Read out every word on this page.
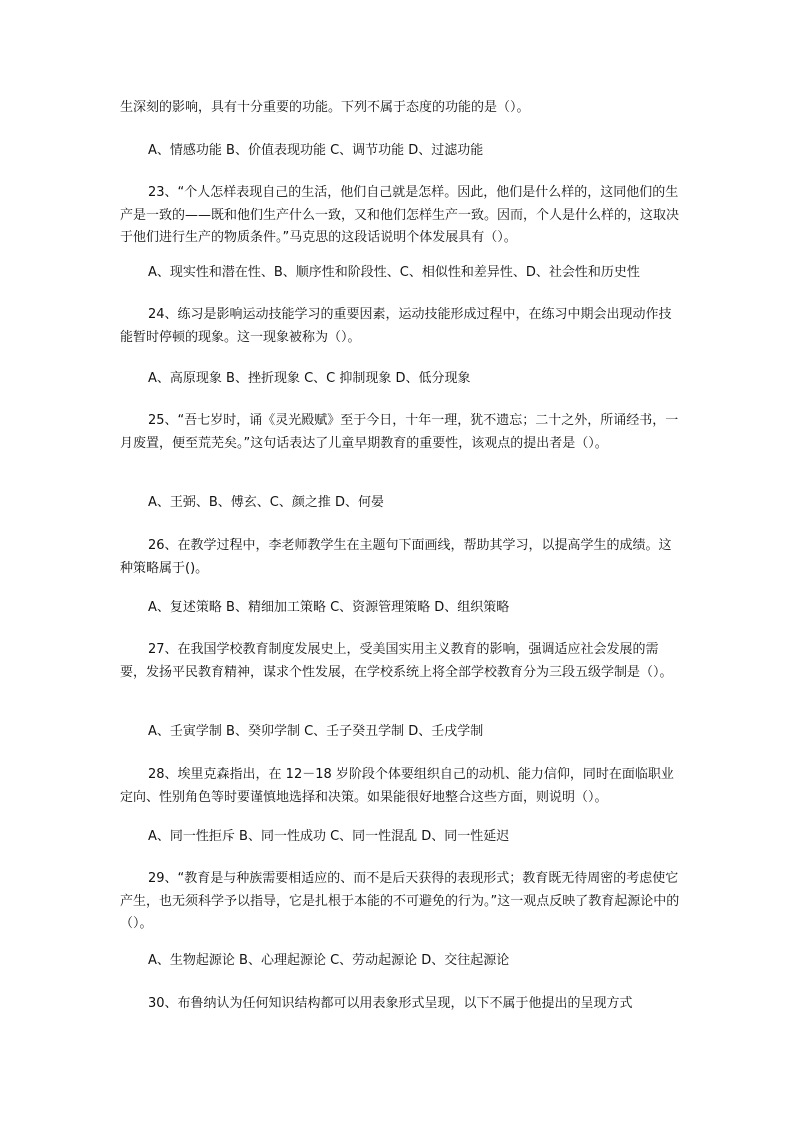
生深刻的影响，具有十分重要的功能。下列不属于态度的功能的是（）。

A、情感功能 B、价值表现功能 C、调节功能 D、过滤功能

23、“个人怎样表现自己的生活，他们自己就是怎样。因此，他们是什么样的，这同他们的生产是一致的——既和他们生产什么一致，又和他们怎样生产一致。因而，个人是什么样的，这取决于他们进行生产的物质条件。”马克思的这段话说明个体发展具有（）。

A、现实性和潜在性、B、顺序性和阶段性、C、相似性和差异性、D、社会性和历史性

24、练习是影响运动技能学习的重要因素，运动技能形成过程中，在练习中期会出现动作技能暂时停顿的现象。这一现象被称为（）。

A、高原现象 B、挫折现象 C、C 抑制现象 D、低分现象

25、“吾七岁时，诵《灵光殿赋》至于今日，十年一理，犹不遗忘；二十之外，所诵经书，一月废置，便至荒芜矣。”这句话表达了儿童早期教育的重要性，该观点的提出者是（）。

A、王弼、B、傅玄、C、颜之推 D、何晏

26、在教学过程中，李老师教学生在主题句下面画线，帮助其学习，以提高学生的成绩。这种策略属于()。

A、复述策略 B、精细加工策略 C、资源管理策略 D、组织策略

27、在我国学校教育制度发展史上，受美国实用主义教育的影响，强调适应社会发展的需要，发扬平民教育精神，谋求个性发展，在学校系统上将全部学校教育分为三段五级学制是（）。

A、壬寅学制 B、癸卯学制 C、壬子癸丑学制 D、壬戌学制

28、埃里克森指出，在 12－18 岁阶段个体要组织自己的动机、能力信仰，同时在面临职业定向、性别角色等时要谨慎地选择和决策。如果能很好地整合这些方面，则说明（）。

A、同一性拒斥 B、同一性成功 C、同一性混乱 D、同一性延迟

29、“教育是与种族需要相适应的、而不是后天获得的表现形式；教育既无待周密的考虑使它产生，也无须科学予以指导，它是扎根于本能的不可避免的行为。”这一观点反映了教育起源论中的（）。

A、生物起源论 B、心理起源论 C、劳动起源论 D、交往起源论

30、布鲁纳认为任何知识结构都可以用表象形式呈现，以下不属于他提出的呈现方式
